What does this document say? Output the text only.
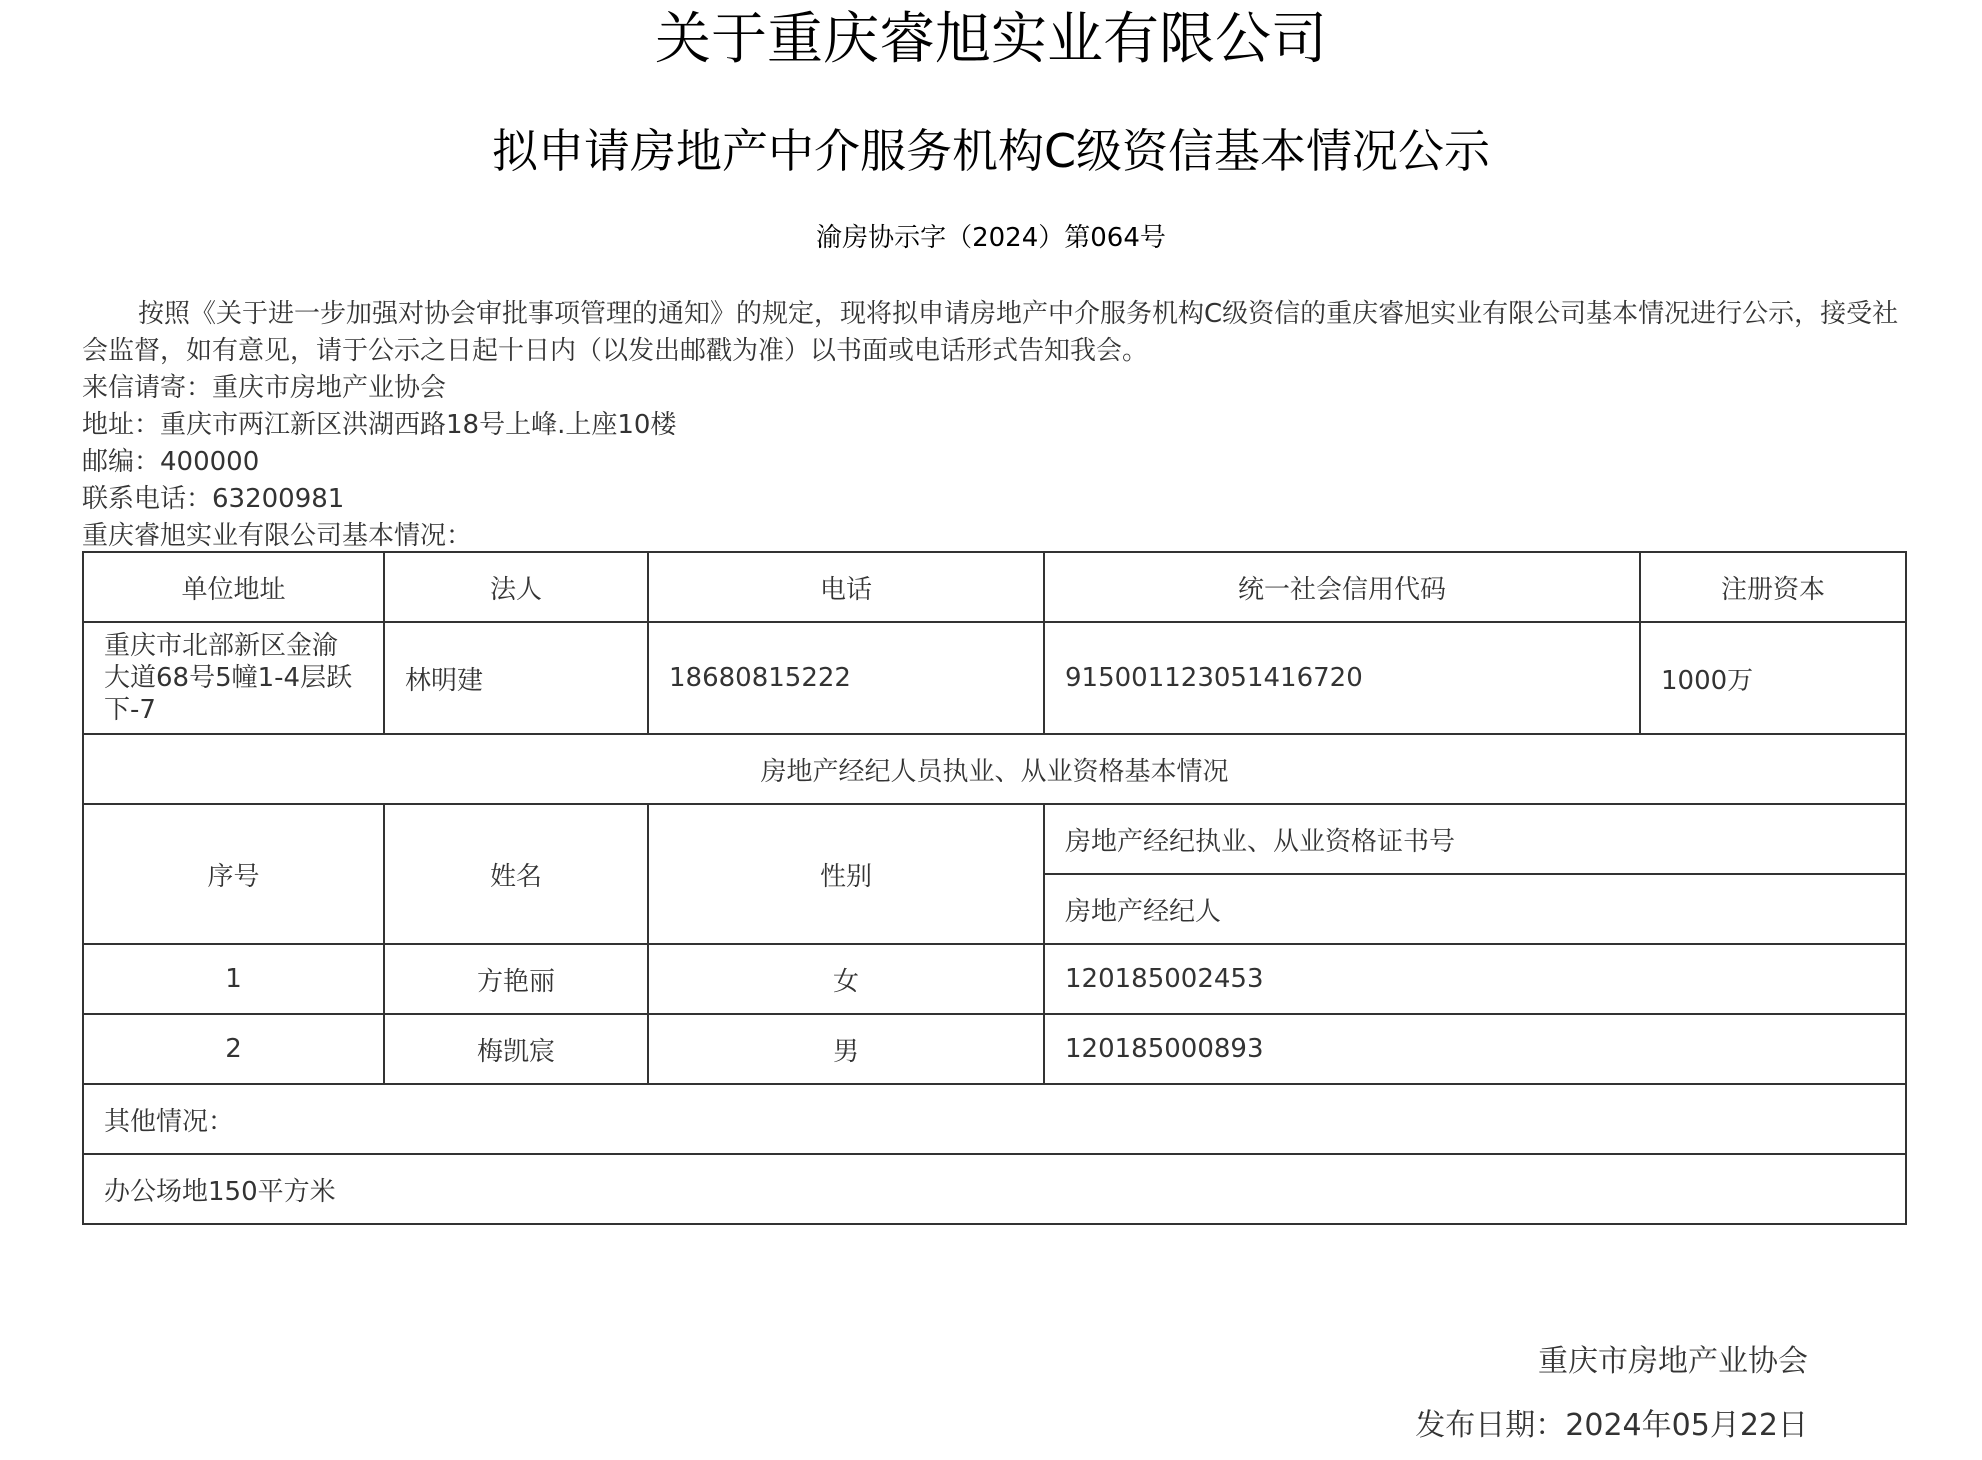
关于重庆睿旭实业有限公司
拟申请房地产中介服务机构C级资信基本情况公示
渝房协示字（2024）第064号

按照《关于进一步加强对协会审批事项管理的通知》的规定，现将拟申请房地产中介服务机构C级资信的重庆睿旭实业有限公司基本情况进行公示，接受社会监督，如有意见，请于公示之日起十日内（以发出邮戳为准）以书面或电话形式告知我会。

来信请寄：重庆市房地产业协会

地址：重庆市两江新区洪湖西路18号上峰.上座10楼

邮编：400000

联系电话：63200981

重庆睿旭实业有限公司基本情况：

单位地址	法人	电话	统一社会信用代码	注册资本
重庆市北部新区金渝大道68号5幢1-4层跃下-7	林明建	18680815222	915001123051416720	1000万
房地产经纪人员执业、从业资格基本情况				
序号	姓名	性别	房地产经纪执业、从业资格证书号	
			房地产经纪人	
1	方艳丽	女	120185002453	
2	梅凯宸	男	120185000893	
其他情况：				
办公场地150平方米				
重庆市房地产业协会
发布日期：2024年05月22日
